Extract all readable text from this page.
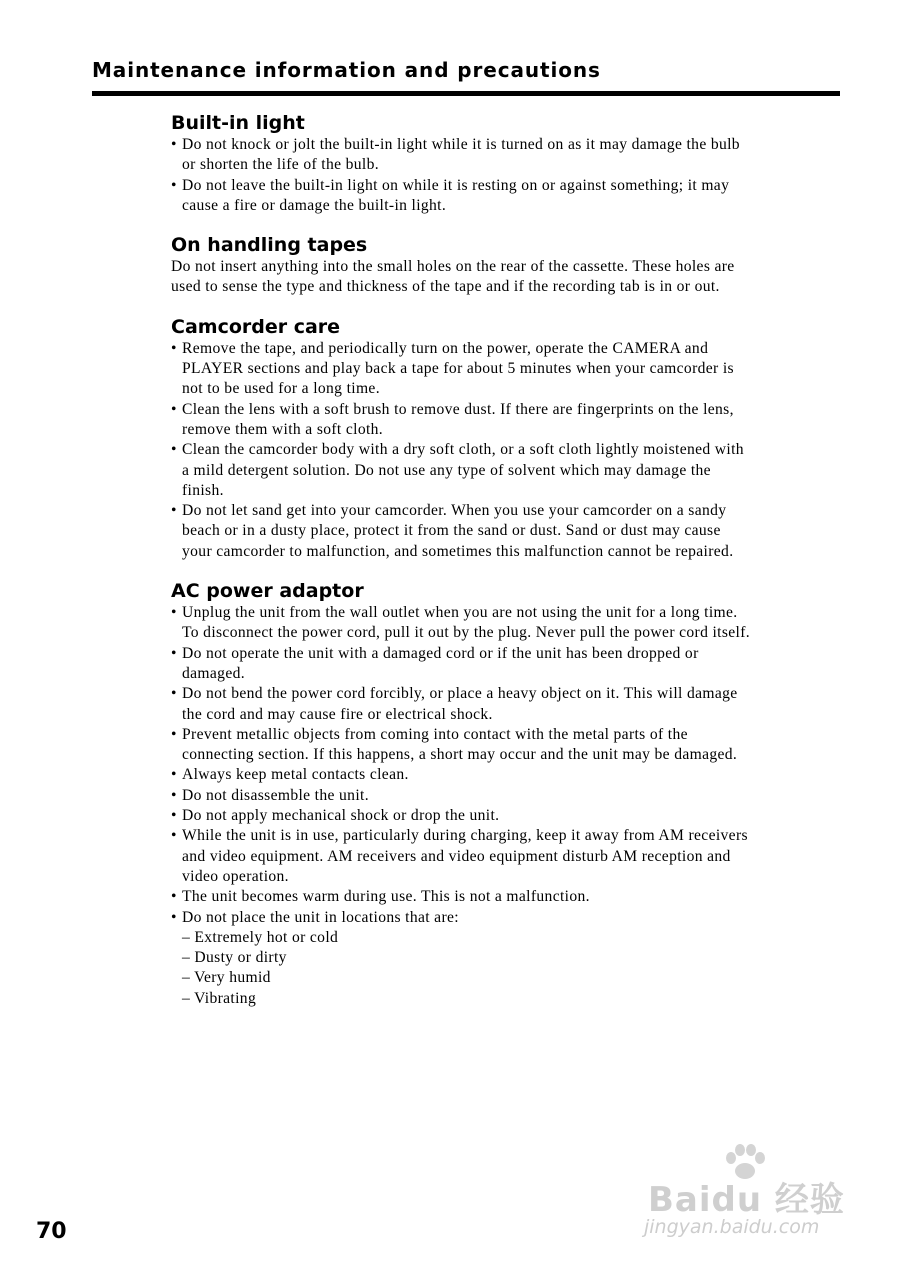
Maintenance information and precautions
Built-in light
• Do not knock or jolt the built-in light while it is turned on as it may damage the bulb
or shorten the life of the bulb.
• Do not leave the built-in light on while it is resting on or against something; it may
cause a fire or damage the built-in light.
On handling tapes
Do not insert anything into the small holes on the rear of the cassette. These holes are
used to sense the type and thickness of the tape and if the recording tab is in or out.
Camcorder care
• Remove the tape, and periodically turn on the power, operate the CAMERA and
PLAYER sections and play back a tape for about 5 minutes when your camcorder is
not to be used for a long time.
• Clean the lens with a soft brush to remove dust. If there are fingerprints on the lens,
remove them with a soft cloth.
• Clean the camcorder body with a dry soft cloth, or a soft cloth lightly moistened with
a mild detergent solution. Do not use any type of solvent which may damage the
finish.
• Do not let sand get into your camcorder. When you use your camcorder on a sandy
beach or in a dusty place, protect it from the sand or dust. Sand or dust may cause
your camcorder to malfunction, and sometimes this malfunction cannot be repaired.
AC power adaptor
• Unplug the unit from the wall outlet when you are not using the unit for a long time.
To disconnect the power cord, pull it out by the plug. Never pull the power cord itself.
• Do not operate the unit with a damaged cord or if the unit has been dropped or
damaged.
• Do not bend the power cord forcibly, or place a heavy object on it. This will damage
the cord and may cause fire or electrical shock.
• Prevent metallic objects from coming into contact with the metal parts of the
connecting section. If this happens, a short may occur and the unit may be damaged.
• Always keep metal contacts clean.
• Do not disassemble the unit.
• Do not apply mechanical shock or drop the unit.
• While the unit is in use, particularly during charging, keep it away from AM receivers
and video equipment. AM receivers and video equipment disturb AM reception and
video operation.
• The unit becomes warm during use. This is not a malfunction.
• Do not place the unit in locations that are:
– Extremely hot or cold
– Dusty or dirty
– Very humid
– Vibrating
70
Baidu 经验
jingyan.baidu.com
